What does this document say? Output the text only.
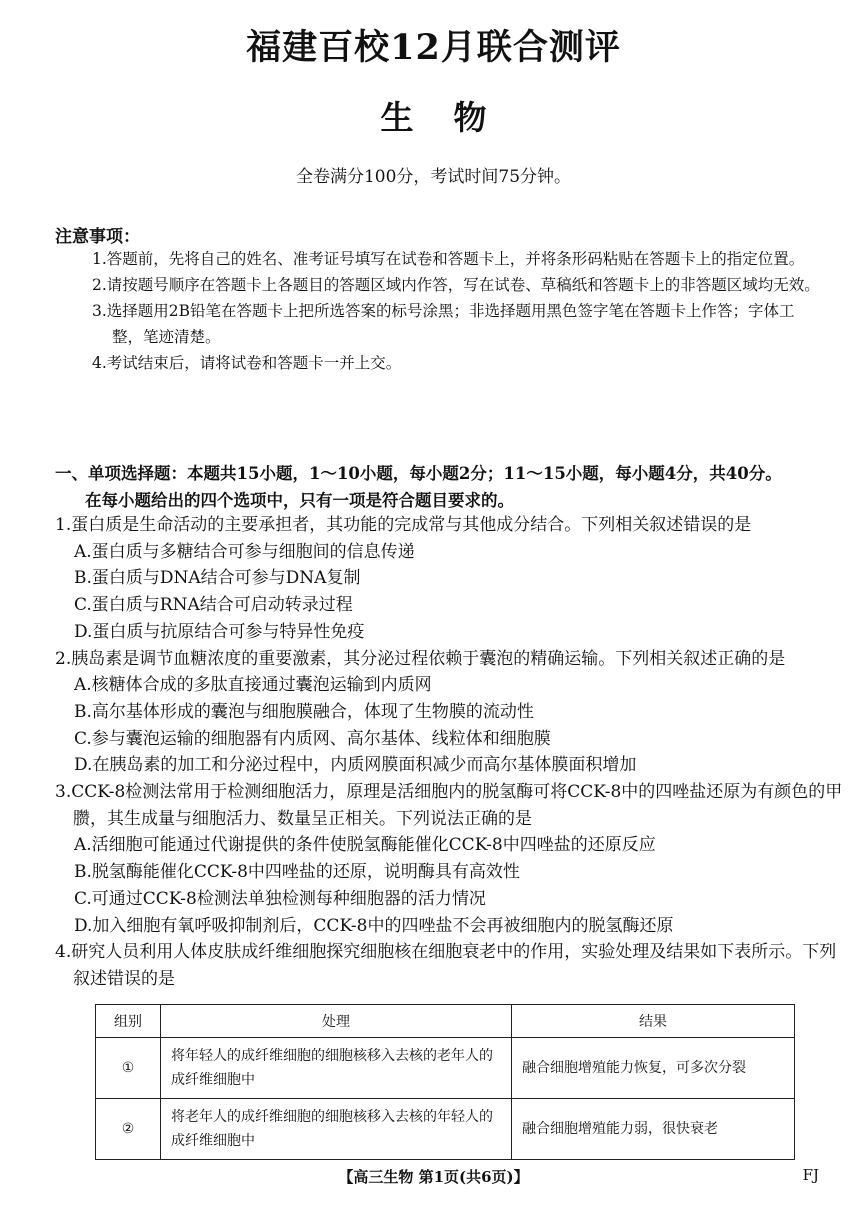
福建百校12月联合测评
生物
全卷满分100分，考试时间75分钟。
注意事项：

1.答题前，先将自己的姓名、准考证号填写在试卷和答题卡上，并将条形码粘贴在答题卡上的指定位置。

2.请按题号顺序在答题卡上各题目的答题区域内作答，写在试卷、草稿纸和答题卡上的非答题区域均无效。

3.选择题用2B铅笔在答题卡上把所选答案的标号涂黑；非选择题用黑色签字笔在答题卡上作答；字体工整，笔迹清楚。

4.考试结束后，请将试卷和答题卡一并上交。

一、单项选择题：本题共15小题，1～10小题，每小题2分；11～15小题，每小题4分，共40分。
在每小题给出的四个选项中，只有一项是符合题目要求的。

1.蛋白质是生命活动的主要承担者，其功能的完成常与其他成分结合。下列相关叙述错误的是

A.蛋白质与多糖结合可参与细胞间的信息传递

B.蛋白质与DNA结合可参与DNA复制

C.蛋白质与RNA结合可启动转录过程

D.蛋白质与抗原结合可参与特异性免疫

2.胰岛素是调节血糖浓度的重要激素，其分泌过程依赖于囊泡的精确运输。下列相关叙述正确的是

A.核糖体合成的多肽直接通过囊泡运输到内质网

B.高尔基体形成的囊泡与细胞膜融合，体现了生物膜的流动性

C.参与囊泡运输的细胞器有内质网、高尔基体、线粒体和细胞膜

D.在胰岛素的加工和分泌过程中，内质网膜面积减少而高尔基体膜面积增加

3.CCK-8检测法常用于检测细胞活力，原理是活细胞内的脱氢酶可将CCK-8中的四唑盐还原为有颜色的甲臜，其生成量与细胞活力、数量呈正相关。下列说法正确的是

A.活细胞可能通过代谢提供的条件使脱氢酶能催化CCK-8中四唑盐的还原反应

B.脱氢酶能催化CCK-8中四唑盐的还原，说明酶具有高效性

C.可通过CCK-8检测法单独检测每种细胞器的活力情况

D.加入细胞有氧呼吸抑制剂后，CCK-8中的四唑盐不会再被细胞内的脱氢酶还原

4.研究人员利用人体皮肤成纤维细胞探究细胞核在细胞衰老中的作用，实验处理及结果如下表所示。下列叙述错误的是

组别	处理	结果
①	将年轻人的成纤维细胞的细胞核移入去核的老年人的成纤维细胞中	融合细胞增殖能力恢复，可多次分裂
②	将老年人的成纤维细胞的细胞核移入去核的年轻人的成纤维细胞中	融合细胞增殖能力弱，很快衰老
【高三生物 第1页(共6页)】	FJ
